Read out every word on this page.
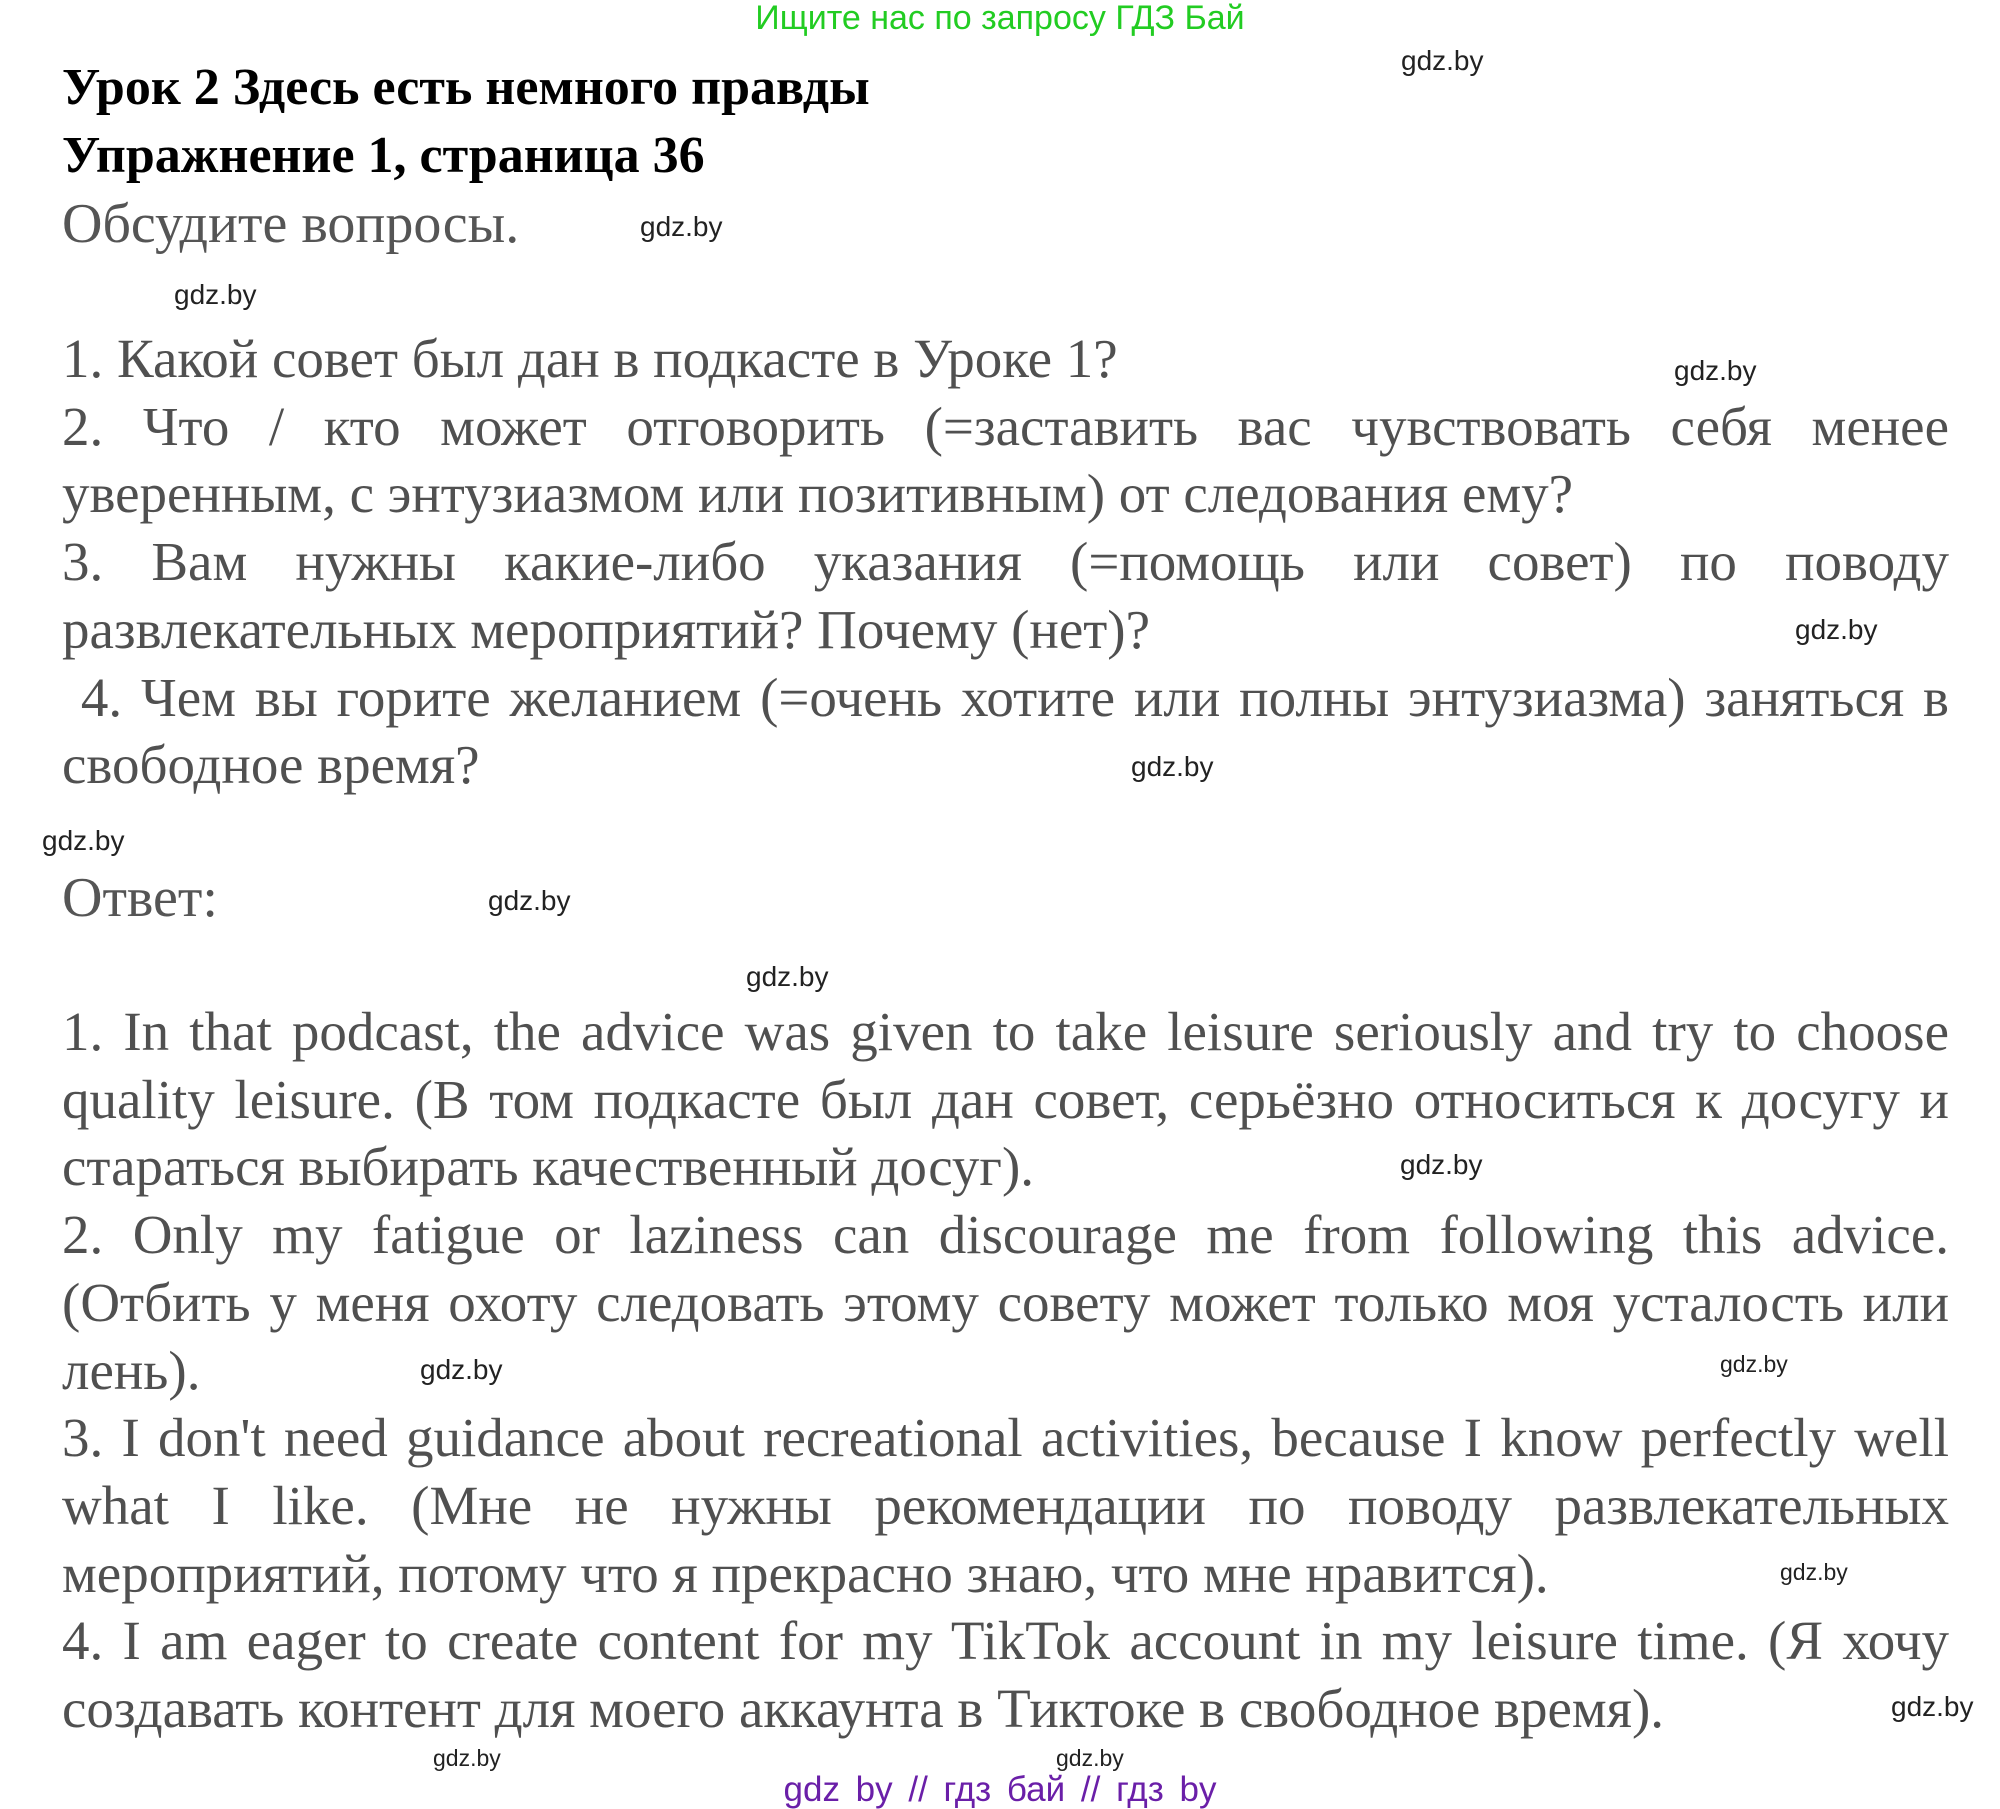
Ищите нас по запросу ГДЗ Бай
Урок 2 Здесь есть немного правды
Упражнение 1, страница 36
Обсудите вопросы.

1. Какой совет был дан в подкасте в Уроке 1?

2. Что / кто может отговорить (=заставить вас чувствовать себя менее уверенным, с энтузиазмом или позитивным) от следования ему?

3. Вам нужны какие-либо указания (=помощь или совет) по поводу развлекательных мероприятий? Почему (нет)?

4. Чем вы горите желанием (=очень хотите или полны энтузиазма) заняться в свободное время?

Ответ:

1. In that podcast, the advice was given to take leisure seriously and try to choose quality leisure. (В том подкасте был дан совет, серьёзно относиться к досугу и стараться выбирать качественный досуг).

2. Only my fatigue or laziness can discourage me from following this advice. (Отбить у меня охоту следовать этому совету может только моя усталость или лень).

3. I don't need guidance about recreational activities, because I know perfectly well what I like. (Мне не нужны рекомендации по поводу развлекательных мероприятий, потому что я прекрасно знаю, что мне нравится).

4. I am eager to create content for my TikTok account in my leisure time. (Я хочу создавать контент для моего аккаунта в Тиктоке в свободное время).

gdz.by
gdz.by
gdz.by
gdz.by
gdz.by
gdz.by
gdz.by
gdz.by
gdz.by
gdz.by
gdz.by
gdz.by
gdz.by
gdz.by
gdz.by
gdz.by
gdz by // гдз бай // гдз by
